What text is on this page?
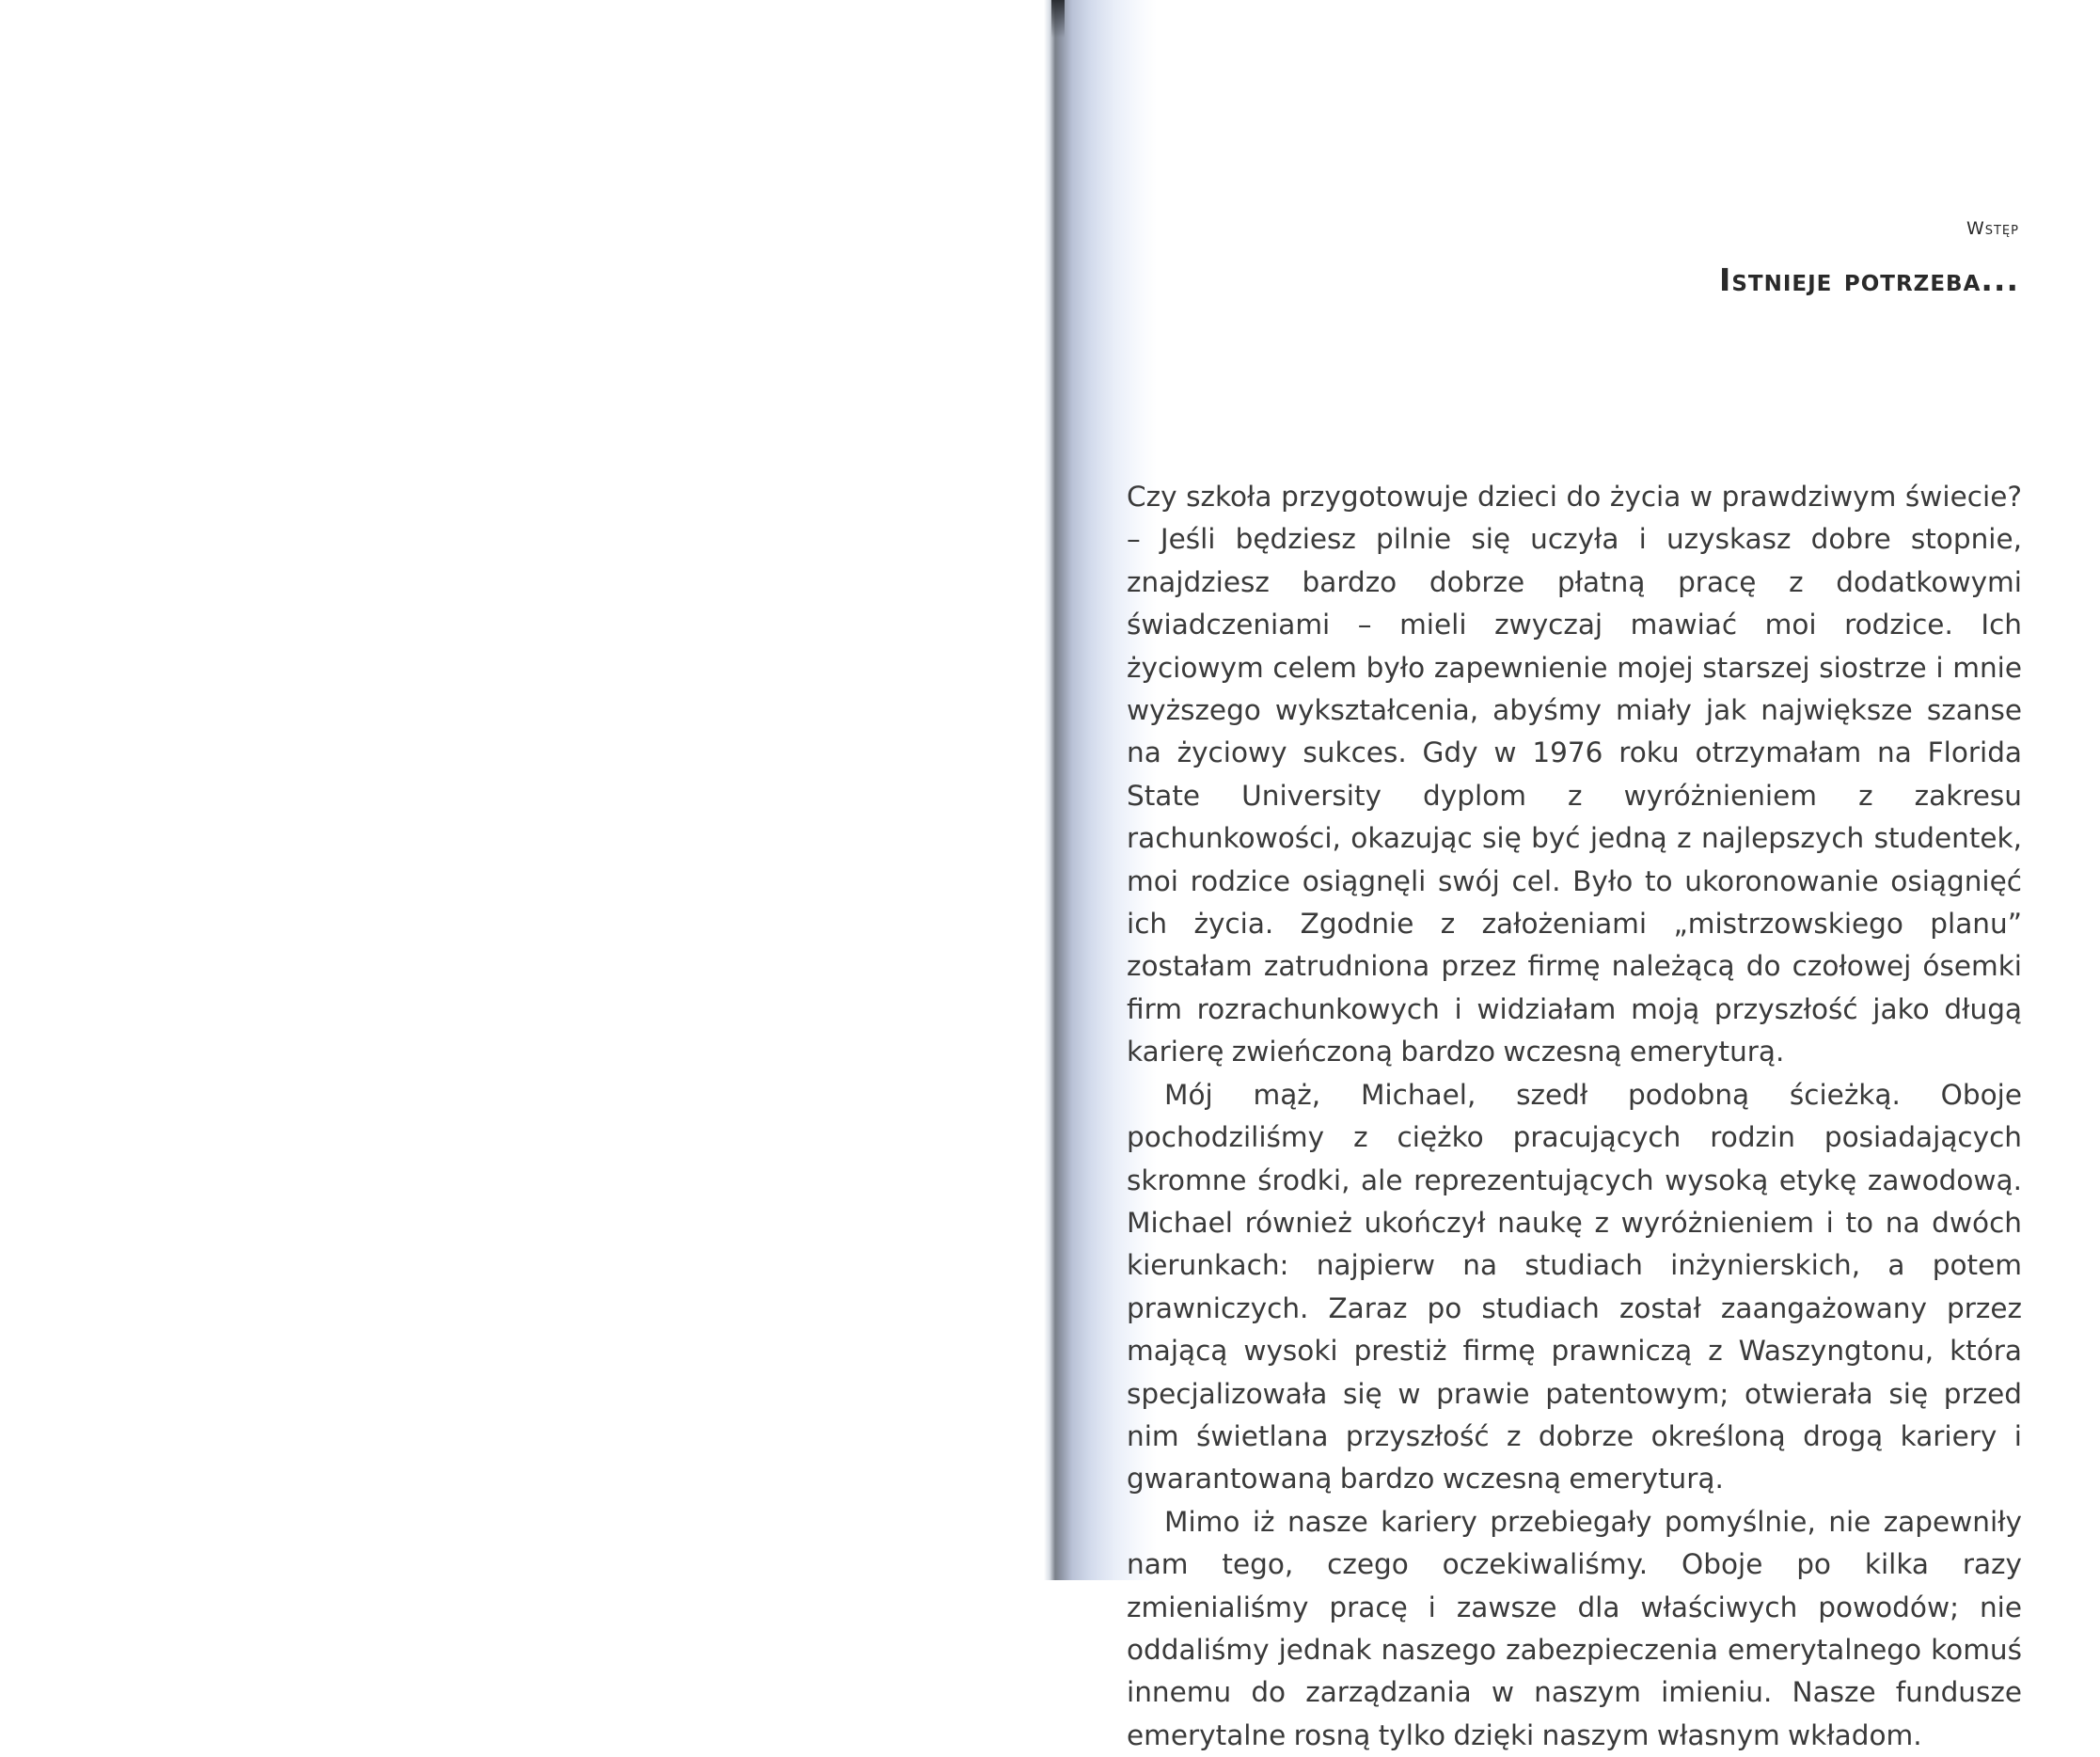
Wstęp
Istnieje potrzeba...

Czy szkoła przygotowuje dzieci do życia w prawdziwym świecie? – Jeśli będziesz pilnie się uczyła i uzyskasz dobre stopnie, znajdziesz bardzo dobrze płatną pracę z dodatkowymi świadczeniami – mieli zwyczaj mawiać moi rodzice. Ich życiowym celem było zapewnienie mojej starszej siostrze i mnie wyższego wykształcenia, abyśmy miały jak największe szanse na życiowy sukces. Gdy w 1976 roku otrzymałam na Florida State University dyplom z wyróżnieniem z zakresu rachunkowości, okazując się być jedną z najlepszych studentek, moi rodzice osiągnęli swój cel. Było to ukoronowanie osiągnięć ich życia. Zgodnie z założeniami „mistrzowskiego planu” zostałam zatrudniona przez firmę należącą do czołowej ósemki firm rozrachunkowych i widziałam moją przyszłość jako długą karierę zwieńczoną bardzo wczesną emeryturą.

Mój mąż, Michael, szedł podobną ścieżką. Oboje pochodziliśmy z ciężko pracujących rodzin posiadających skromne środki, ale reprezentujących wysoką etykę zawodową. Michael również ukończył naukę z wyróżnieniem i to na dwóch kierunkach: najpierw na studiach inżynierskich, a potem prawniczych. Zaraz po studiach został zaangażowany przez mającą wysoki prestiż firmę prawniczą z Waszyngtonu, która specjalizowała się w prawie patentowym; otwierała się przed nim świetlana przyszłość z dobrze określoną drogą kariery i gwarantowaną bardzo wczesną emeryturą.

Mimo iż nasze kariery przebiegały pomyślnie, nie zapewniły nam tego, czego oczekiwaliśmy. Oboje po kilka razy zmienialiśmy pracę i zawsze dla właściwych powodów; nie oddaliśmy jednak naszego zabezpieczenia emerytalnego komuś innemu do zarządzania w naszym imieniu. Nasze fundusze emerytalne rosną tylko dzięki naszym własnym wkładom.
